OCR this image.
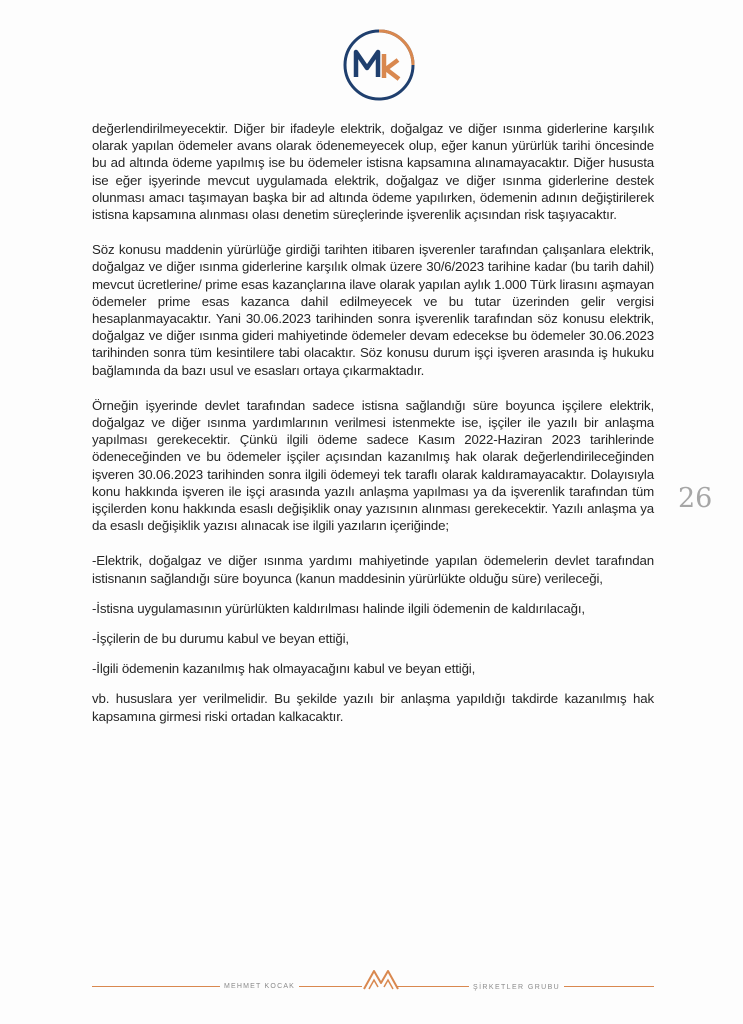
değerlendirilmeyecektir. Diğer bir ifadeyle elektrik, doğalgaz ve diğer ısınma giderlerine karşılık olarak yapılan ödemeler avans olarak ödenemeyecek olup, eğer kanun yürürlük tarihi öncesinde bu ad altında ödeme yapılmış ise bu ödemeler istisna kapsamına alınamayacaktır. Diğer hususta ise eğer işyerinde mevcut uygulamada elektrik, doğalgaz ve diğer ısınma giderlerine destek olunması amacı taşımayan başka bir ad altında ödeme yapılırken, ödemenin adının değiştirilerek istisna kapsamına alınması olası denetim süreçlerinde işverenlik açısından risk taşıyacaktır.

Söz konusu maddenin yürürlüğe girdiği tarihten itibaren işverenler tarafından çalışanlara elektrik, doğalgaz ve diğer ısınma giderlerine karşılık olmak üzere 30/6/2023 tarihine kadar (bu tarih dahil) mevcut ücretlerine/ prime esas kazançlarına ilave olarak yapılan aylık 1.000 Türk lirasını aşmayan ödemeler prime esas kazanca dahil edilmeyecek ve bu tutar üzerinden gelir vergisi hesaplanmayacaktır. Yani 30.06.2023 tarihinden sonra işverenlik tarafından söz konusu elektrik, doğalgaz ve diğer ısınma gideri mahiyetinde ödemeler devam edecekse bu ödemeler 30.06.2023 tarihinden sonra tüm kesintilere tabi olacaktır. Söz konusu durum işçi işveren arasında iş hukuku bağlamında da bazı usul ve esasları ortaya çıkarmaktadır.

Örneğin işyerinde devlet tarafından sadece istisna sağlandığı süre boyunca işçilere elektrik, doğalgaz ve diğer ısınma yardımlarının verilmesi istenmekte ise, işçiler ile yazılı bir anlaşma yapılması gerekecektir. Çünkü ilgili ödeme sadece Kasım 2022-Haziran 2023 tarihlerinde ödeneceğinden ve bu ödemeler işçiler açısından kazanılmış hak olarak değerlendirileceğinden işveren 30.06.2023 tarihinden sonra ilgili ödemeyi tek taraflı olarak kaldıramayacaktır. Dolayısıyla konu hakkında işveren ile işçi arasında yazılı anlaşma yapılması ya da işverenlik tarafından tüm işçilerden konu hakkında esaslı değişiklik onay yazısının alınması gerekecektir. Yazılı anlaşma ya da esaslı değişiklik yazısı alınacak ise ilgili yazıların içeriğinde;

-Elektrik, doğalgaz ve diğer ısınma yardımı mahiyetinde yapılan ödemelerin devlet tarafından istisnanın sağlandığı süre boyunca (kanun maddesinin yürürlükte olduğu süre) verileceği,

-İstisna uygulamasının yürürlükten kaldırılması halinde ilgili ödemenin de kaldırılacağı,

-İşçilerin de bu durumu kabul ve beyan ettiği,

-İlgili ödemenin kazanılmış hak olmayacağını kabul ve beyan ettiği,

vb. hususlara yer verilmelidir. Bu şekilde yazılı bir anlaşma yapıldığı takdirde kazanılmış hak kapsamına girmesi riski ortadan kalkacaktır.

26
MEHMET KOCAK	ŞİRKETLER GRUBU
